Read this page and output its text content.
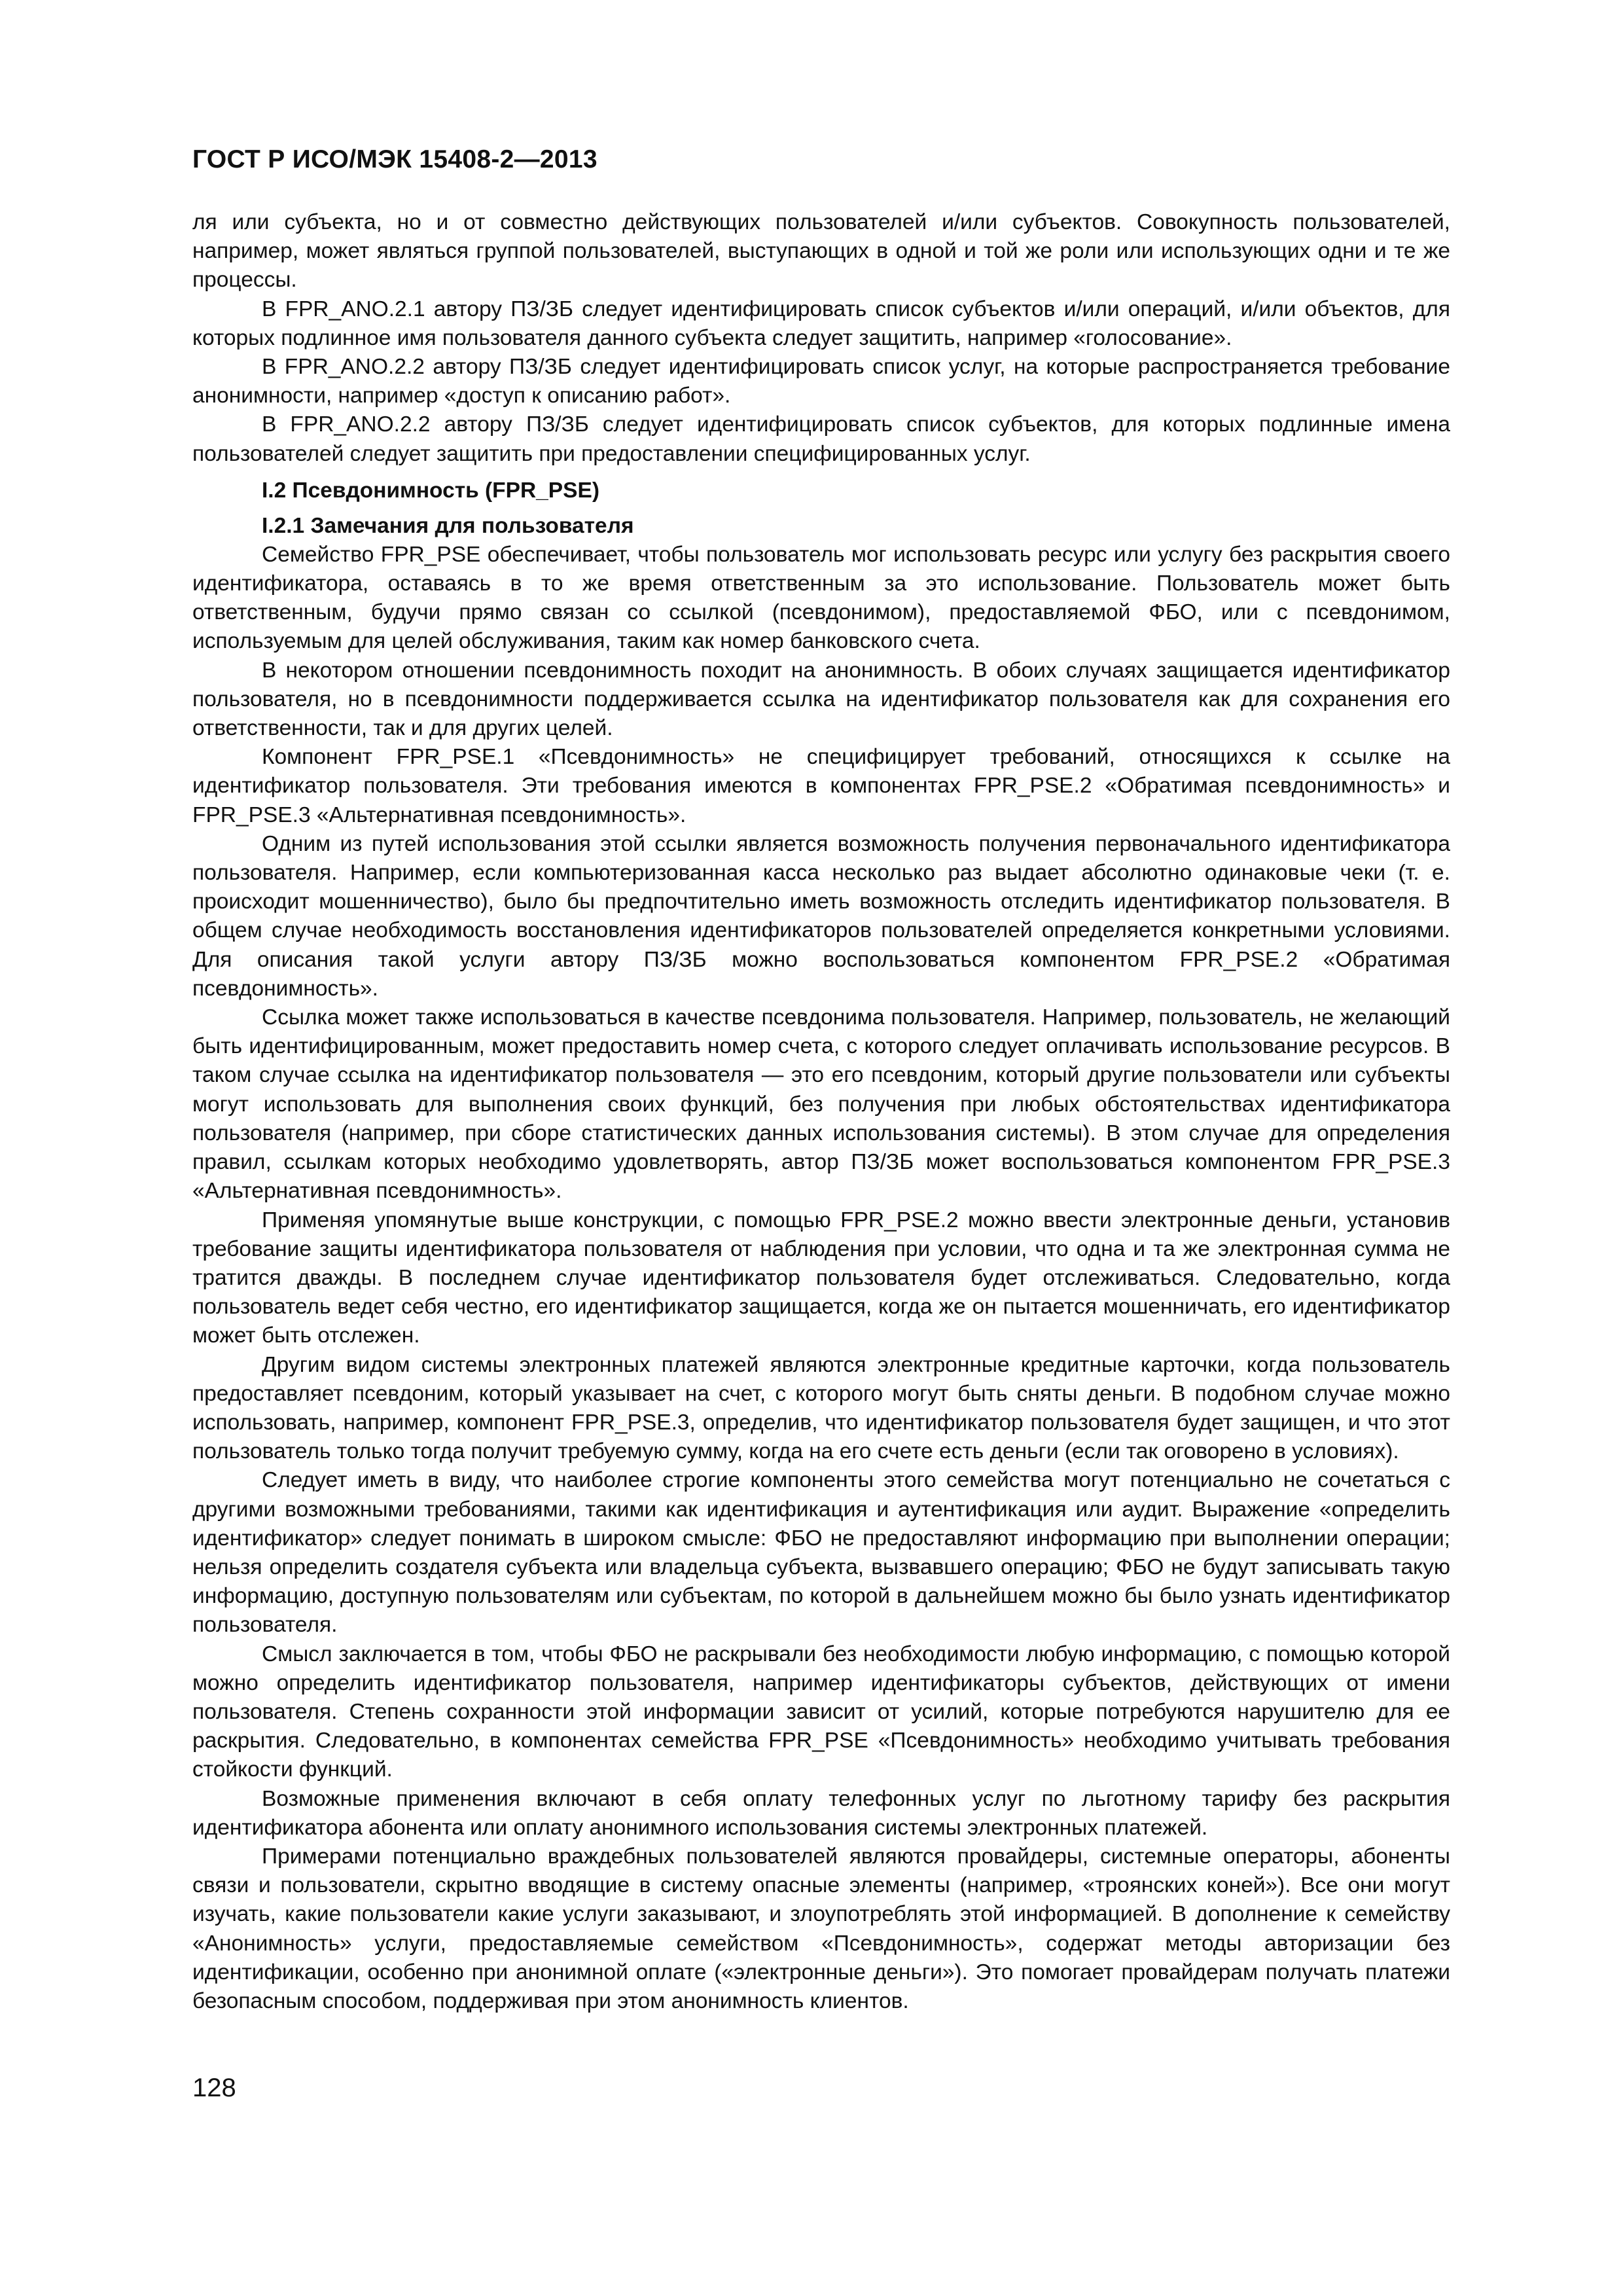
ГОСТ Р ИСО/МЭК 15408-2—2013

ля или субъекта, но и от совместно действующих пользователей и/или субъектов. Совокупность пользователей, например, может являться группой пользователей, выступающих в одной и той же роли или использующих одни и те же процессы.

В FPR_ANO.2.1 автору ПЗ/ЗБ следует идентифицировать список субъектов и/или операций, и/или объектов, для которых подлинное имя пользователя данного субъекта следует защитить, например «голосование».

В FPR_ANO.2.2 автору ПЗ/ЗБ следует идентифицировать список услуг, на которые распространяется требование анонимности, например «доступ к описанию работ».

В FPR_ANO.2.2 автору ПЗ/ЗБ следует идентифицировать список субъектов, для которых подлинные имена пользователей следует защитить при предоставлении специфицированных услуг.

I.2 Псевдонимность (FPR_PSE)
I.2.1 Замечания для пользователя

Семейство FPR_PSE обеспечивает, чтобы пользователь мог использовать ресурс или услугу без раскрытия своего идентификатора, оставаясь в то же время ответственным за это использование. Пользователь может быть ответственным, будучи прямо связан со ссылкой (псевдонимом), предоставляемой ФБО, или с псевдонимом, используемым для целей обслуживания, таким как номер банковского счета.

В некотором отношении псевдонимность походит на анонимность. В обоих случаях защищается идентификатор пользователя, но в псевдонимности поддерживается ссылка на идентификатор пользователя как для сохранения его ответственности, так и для других целей.

Компонент FPR_PSE.1 «Псевдонимность» не специфицирует требований, относящихся к ссылке на идентификатор пользователя. Эти требования имеются в компонентах FPR_PSE.2 «Обратимая псевдонимность» и FPR_PSE.3 «Альтернативная псевдонимность».

Одним из путей использования этой ссылки является возможность получения первоначального идентификатора пользователя. Например, если компьютеризованная касса несколько раз выдает абсолютно одинаковые чеки (т. е. происходит мошенничество), было бы предпочтительно иметь возможность отследить идентификатор пользователя. В общем случае необходимость восстановления идентификаторов пользователей определяется конкретными условиями. Для описания такой услуги автору ПЗ/ЗБ можно воспользоваться компонентом FPR_PSE.2 «Обратимая псевдонимность».

Ссылка может также использоваться в качестве псевдонима пользователя. Например, пользователь, не желающий быть идентифицированным, может предоставить номер счета, с которого следует оплачивать использование ресурсов. В таком случае ссылка на идентификатор пользователя — это его псевдоним, который другие пользователи или субъекты могут использовать для выполнения своих функций, без получения при любых обстоятельствах идентификатора пользователя (например, при сборе статистических данных использования системы). В этом случае для определения правил, ссылкам которых необходимо удовлетворять, автор ПЗ/ЗБ может воспользоваться компонентом FPR_PSE.3 «Альтернативная псевдонимность».

Применяя упомянутые выше конструкции, с помощью FPR_PSE.2 можно ввести электронные деньги, установив требование защиты идентификатора пользователя от наблюдения при условии, что одна и та же электронная сумма не тратится дважды. В последнем случае идентификатор пользователя будет отслеживаться. Следовательно, когда пользователь ведет себя честно, его идентификатор защищается, когда же он пытается мошенничать, его идентификатор может быть отслежен.

Другим видом системы электронных платежей являются электронные кредитные карточки, когда пользователь предоставляет псевдоним, который указывает на счет, с которого могут быть сняты деньги. В подобном случае можно использовать, например, компонент FPR_PSE.3, определив, что идентификатор пользователя будет защищен, и что этот пользователь только тогда получит требуемую сумму, когда на его счете есть деньги (если так оговорено в условиях).

Следует иметь в виду, что наиболее строгие компоненты этого семейства могут потенциально не сочетаться с другими возможными требованиями, такими как идентификация и аутентификация или аудит. Выражение «определить идентификатор» следует понимать в широком смысле: ФБО не предоставляют информацию при выполнении операции; нельзя определить создателя субъекта или владельца субъекта, вызвавшего операцию; ФБО не будут записывать такую информацию, доступную пользователям или субъектам, по которой в дальнейшем можно бы было узнать идентификатор пользователя.

Смысл заключается в том, чтобы ФБО не раскрывали без необходимости любую информацию, с помощью которой можно определить идентификатор пользователя, например идентификаторы субъектов, действующих от имени пользователя. Степень сохранности этой информации зависит от усилий, которые потребуются нарушителю для ее раскрытия. Следовательно, в компонентах семейства FPR_PSE «Псевдонимность» необходимо учитывать требования стойкости функций.

Возможные применения включают в себя оплату телефонных услуг по льготному тарифу без раскрытия идентификатора абонента или оплату анонимного использования системы электронных платежей.

Примерами потенциально враждебных пользователей являются провайдеры, системные операторы, абоненты связи и пользователи, скрытно вводящие в систему опасные элементы (например, «троянских коней»). Все они могут изучать, какие пользователи какие услуги заказывают, и злоупотреблять этой информацией. В дополнение к семейству «Анонимность» услуги, предоставляемые семейством «Псевдонимность», содержат методы авторизации без идентификации, особенно при анонимной оплате («электронные деньги»). Это помогает провайдерам получать платежи безопасным способом, поддерживая при этом анонимность клиентов.

128
